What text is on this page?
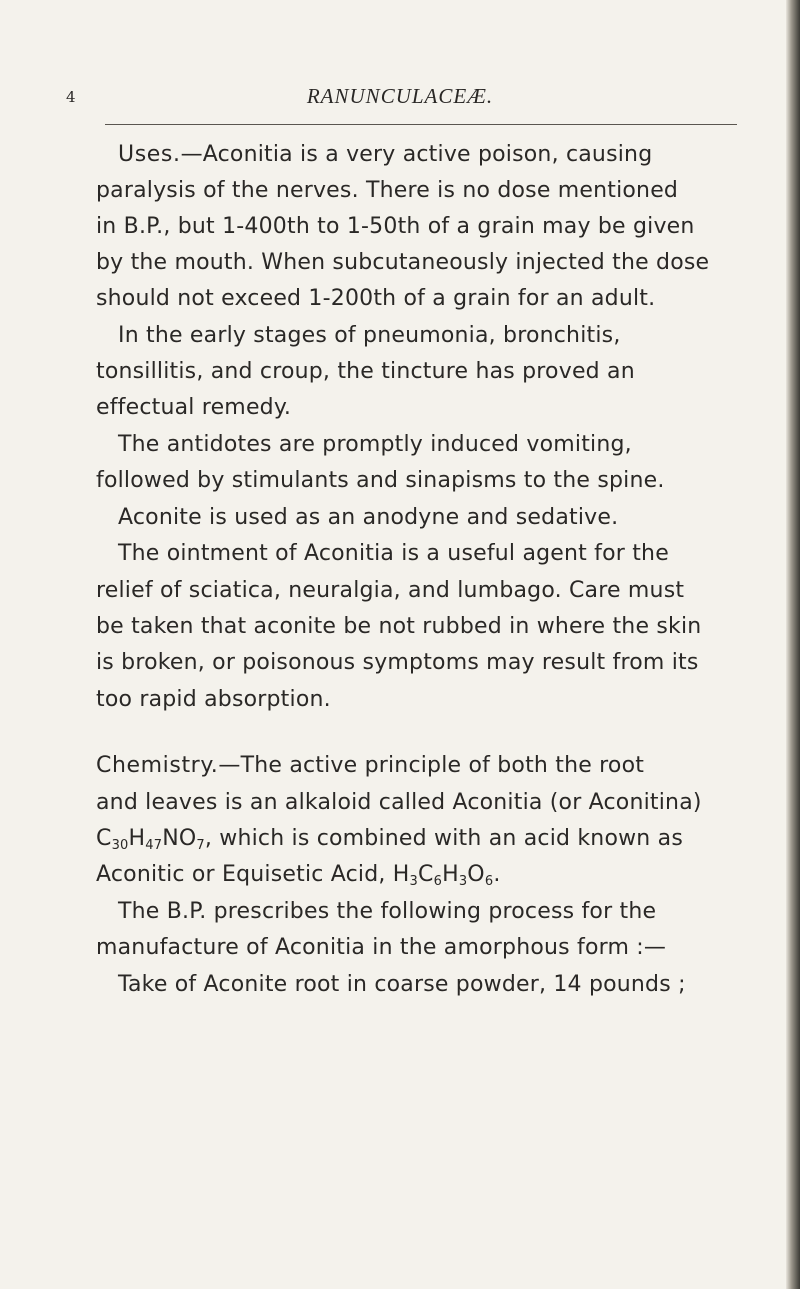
4	RANUNCULACEÆ.
Uses.—Aconitia is a very active poison, causing
paralysis of the nerves. There is no dose mentioned
in B.P., but 1-400th to 1-50th of a grain may be given
by the mouth. When subcutaneously injected the dose
should not exceed 1-200th of a grain for an adult.
In the early stages of pneumonia, bronchitis,
tonsillitis, and croup, the tincture has proved an
effectual remedy.
The antidotes are promptly induced vomiting,
followed by stimulants and sinapisms to the spine.
Aconite is used as an anodyne and sedative.
The ointment of Aconitia is a useful agent for the
relief of sciatica, neuralgia, and lumbago. Care must
be taken that aconite be not rubbed in where the skin
is broken, or poisonous symptoms may result from its
too rapid absorption.
Chemistry.—The active principle of both the root
and leaves is an alkaloid called Aconitia (or Aconitina)
$C_{30}H_{47}NO_7$, which is combined with an acid known as
Aconitic or Equisetic Acid, $H_3C_6H_3O_6$.
The B.P. prescribes the following process for the
manufacture of Aconitia in the amorphous form :—
Take of Aconite root in coarse powder, 14 pounds ;
